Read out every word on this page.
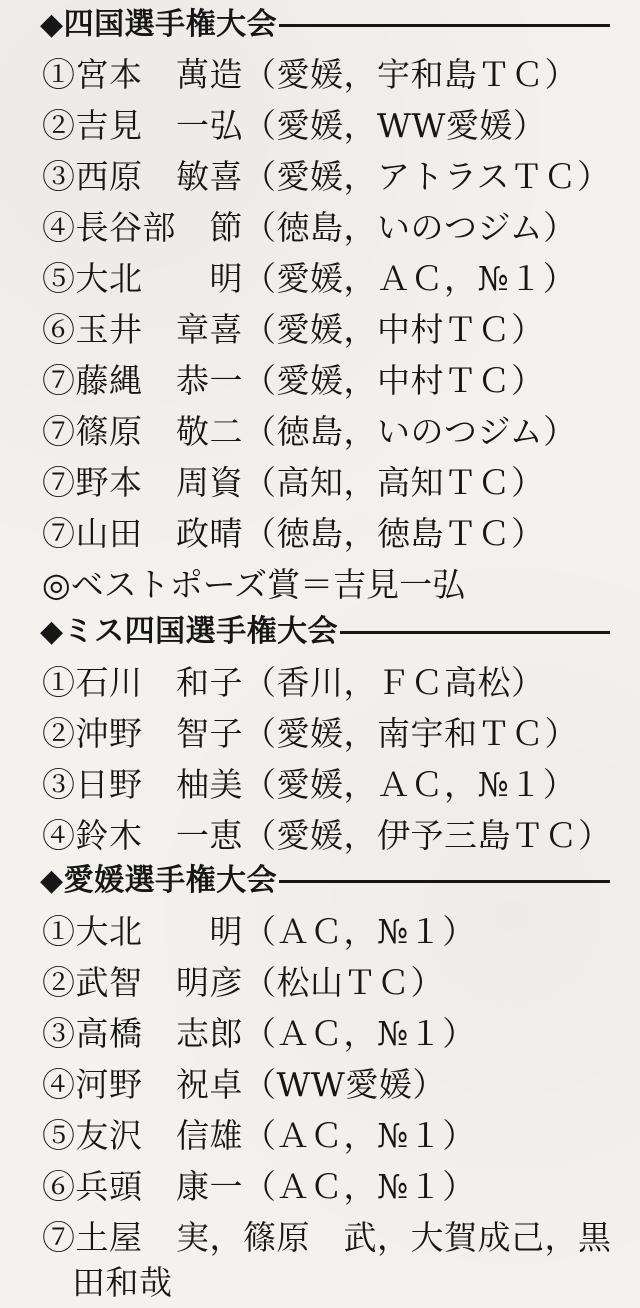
◆四国選手権大会
①宮本　萬造（愛媛，宇和島ＴＣ）
②吉見　一弘（愛媛，WW愛媛）
③西原　敏喜（愛媛，アトラスＴＣ）
④長谷部　節（徳島，いのつジム）
⑤大北　　明（愛媛，ＡＣ，№１）
⑥玉井　章喜（愛媛，中村ＴＣ）
⑦藤縄　恭一（愛媛，中村ＴＣ）
⑦篠原　敬二（徳島，いのつジム）
⑦野本　周資（高知，高知ＴＣ）
⑦山田　政晴（徳島，徳島ＴＣ）
◎ベストポーズ賞＝吉見一弘
◆ミス四国選手権大会
①石川　和子（香川，ＦＣ高松）
②沖野　智子（愛媛，南宇和ＴＣ）
③日野　柚美（愛媛，ＡＣ，№１）
④鈴木　一恵（愛媛，伊予三島ＴＣ）
◆愛媛選手権大会
①大北　　明（ＡＣ，№１）
②武智　明彦（松山ＴＣ）
③高橋　志郎（ＡＣ，№１）
④河野　祝卓（WW愛媛）
⑤友沢　信雄（ＡＣ，№１）
⑥兵頭　康一（ＡＣ，№１）
⑦土屋　実，篠原　武，大賀成己，黒
田和哉
